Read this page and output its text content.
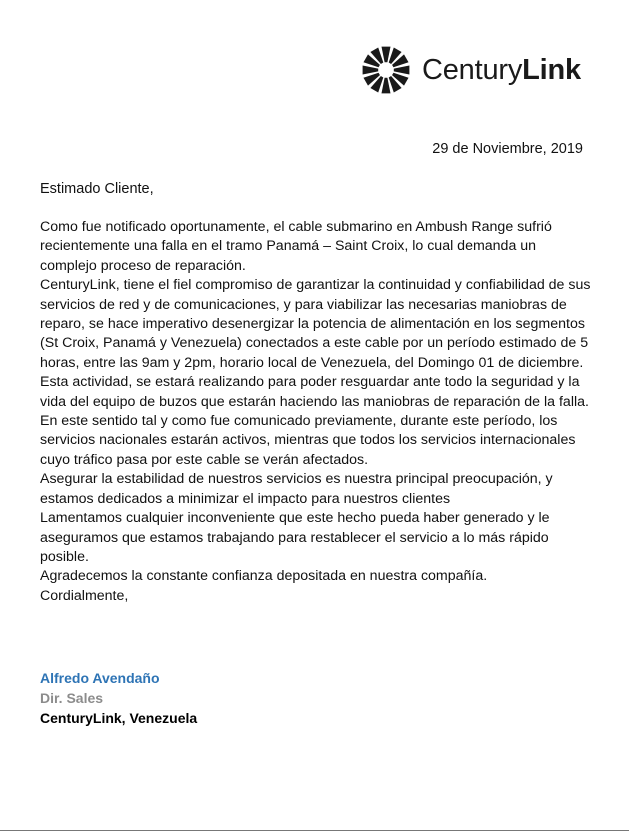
CenturyLink
29 de Noviembre, 2019
Estimado Cliente,

Como fue notificado oportunamente, el cable submarino en Ambush Range sufrió recientemente una falla en el tramo Panamá – Saint Croix, lo cual demanda un complejo proceso de reparación.

CenturyLink, tiene el fiel compromiso de garantizar la continuidad y confiabilidad de sus servicios de red y de comunicaciones, y para viabilizar las necesarias maniobras de reparo, se hace imperativo desenergizar la potencia de alimentación en los segmentos (St Croix, Panamá y Venezuela) conectados a este cable por un período estimado de 5 horas, entre las 9am y 2pm, horario local de Venezuela, del Domingo 01 de diciembre.

Esta actividad, se estará realizando para poder resguardar ante todo la seguridad y la vida del equipo de buzos que estarán haciendo las maniobras de reparación de la falla.

En este sentido tal y como fue comunicado previamente, durante este período, los servicios nacionales estarán activos, mientras que todos los servicios internacionales cuyo tráfico pasa por este cable se verán afectados.

Asegurar la estabilidad de nuestros servicios es nuestra principal preocupación, y estamos dedicados a minimizar el impacto para nuestros clientes

Lamentamos cualquier inconveniente que este hecho pueda haber generado y le aseguramos que estamos trabajando para restablecer el servicio a lo más rápido posible.

Agradecemos la constante confianza depositada en nuestra compañía.

Cordialmente,

Alfredo Avendaño
Dir. Sales
CenturyLink, Venezuela
